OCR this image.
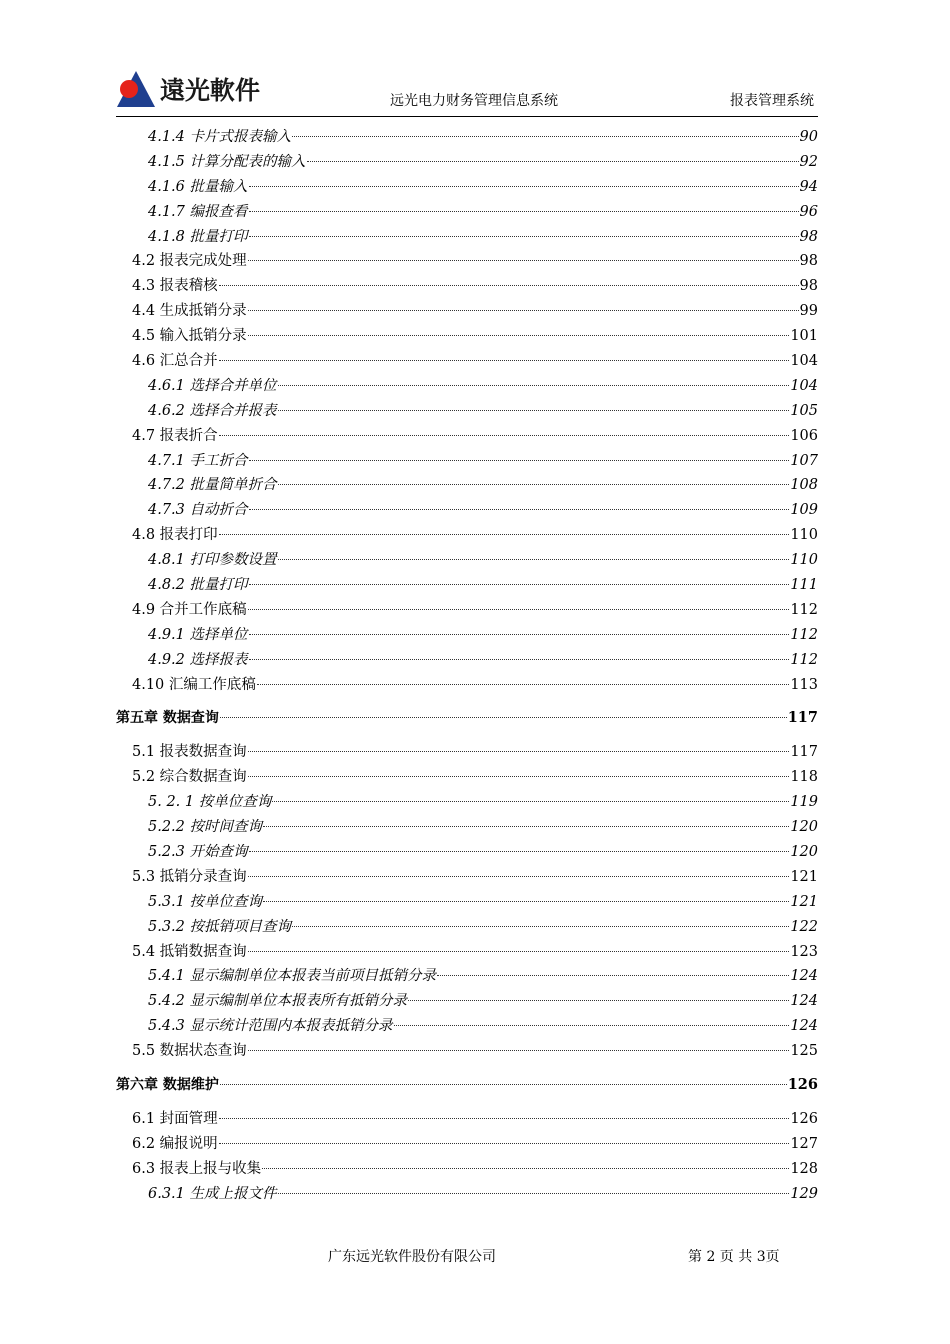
遠光軟件	远光电力财务管理信息系统	报表管理系统
4.1.4 卡片式报表输入	90
4.1.5 计算分配表的输入	92
4.1.6 批量输入	94
4.1.7 编报查看	96
4.1.8 批量打印	98
4.2 报表完成处理	98
4.3 报表稽核	98
4.4 生成抵销分录	99
4.5 输入抵销分录	101
4.6 汇总合并	104
4.6.1 选择合并单位	104
4.6.2 选择合并报表	105
4.7 报表折合	106
4.7.1 手工折合	107
4.7.2 批量简单折合	108
4.7.3 自动折合	109
4.8 报表打印	110
4.8.1 打印参数设置	110
4.8.2 批量打印	111
4.9 合并工作底稿	112
4.9.1 选择单位	112
4.9.2 选择报表	112
4.10 汇编工作底稿	113
第五章 数据查询	117
5.1 报表数据查询	117
5.2 综合数据查询	118
5. 2. 1 按单位查询	119
5.2.2 按时间查询	120
5.2.3 开始查询	120
5.3 抵销分录查询	121
5.3.1 按单位查询	121
5.3.2 按抵销项目查询	122
5.4 抵销数据查询	123
5.4.1 显示编制单位本报表当前项目抵销分录	124
5.4.2 显示编制单位本报表所有抵销分录	124
5.4.3 显示统计范围内本报表抵销分录	124
5.5 数据状态查询	125
第六章 数据维护	126
6.1 封面管理	126
6.2 编报说明	127
6.3 报表上报与收集	128
6.3.1 生成上报文件	129
广东远光软件股份有限公司	第 2 页 共 3页
